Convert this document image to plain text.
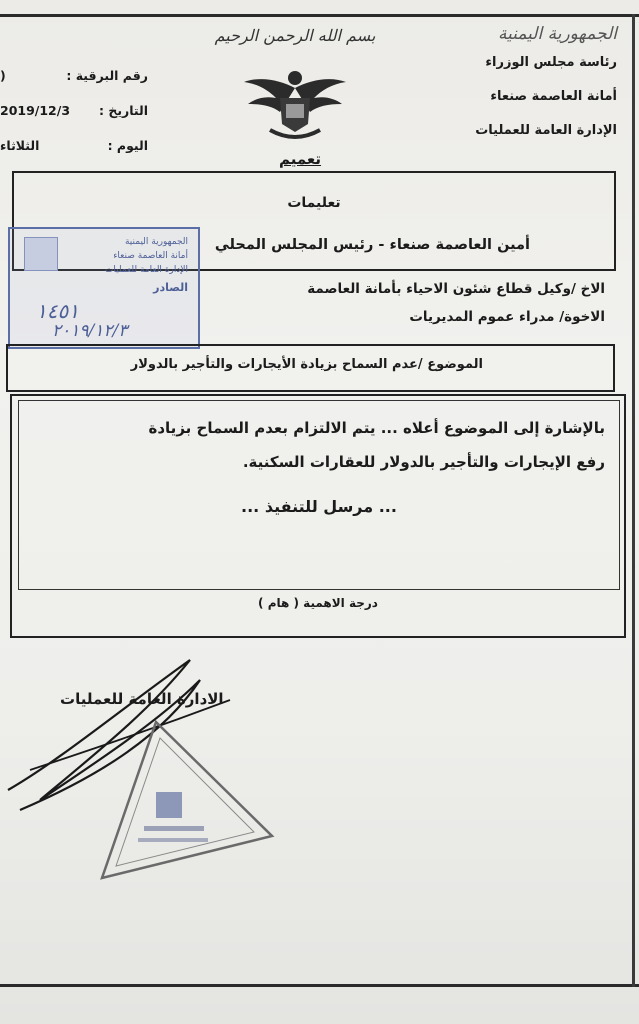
الجمهورية اليمنية
رئاسة مجلس الوزراء
أمانة العاصمة صنعاء
الإدارة العامة للعمليات
بسم الله الرحمن الرحيم
تعميم
رقم البرقية :
(
التاريخ :
2019/12/3
اليوم :
الثلاثاء
تعليمات
أمين العاصمة صنعاء - رئيس المجلس المحلي
الجمهورية اليمنية
أمانة العاصمة صنعاء
الإدارة العامة للعمليات
الصادر
١٤٥١
٢٠١٩/١٢/٣
الاخ /وكيل قطاع شئون الاحياء بأمانة العاصمة
الاخوة/ مدراء عموم المديريات
الموضوع /عدم السماح بزيادة الأيجارات والتأجير بالدولار
بالإشارة إلى الموضوع أعلاه ... يتم الالتزام بعدم السماح بزيادة
رفع الإيجارات والتأجير بالدولار للعقارات السكنية.
... مرسل للتنفيذ ...
درجة الاهمية ( هام )
الادارة العامة للعمليات
